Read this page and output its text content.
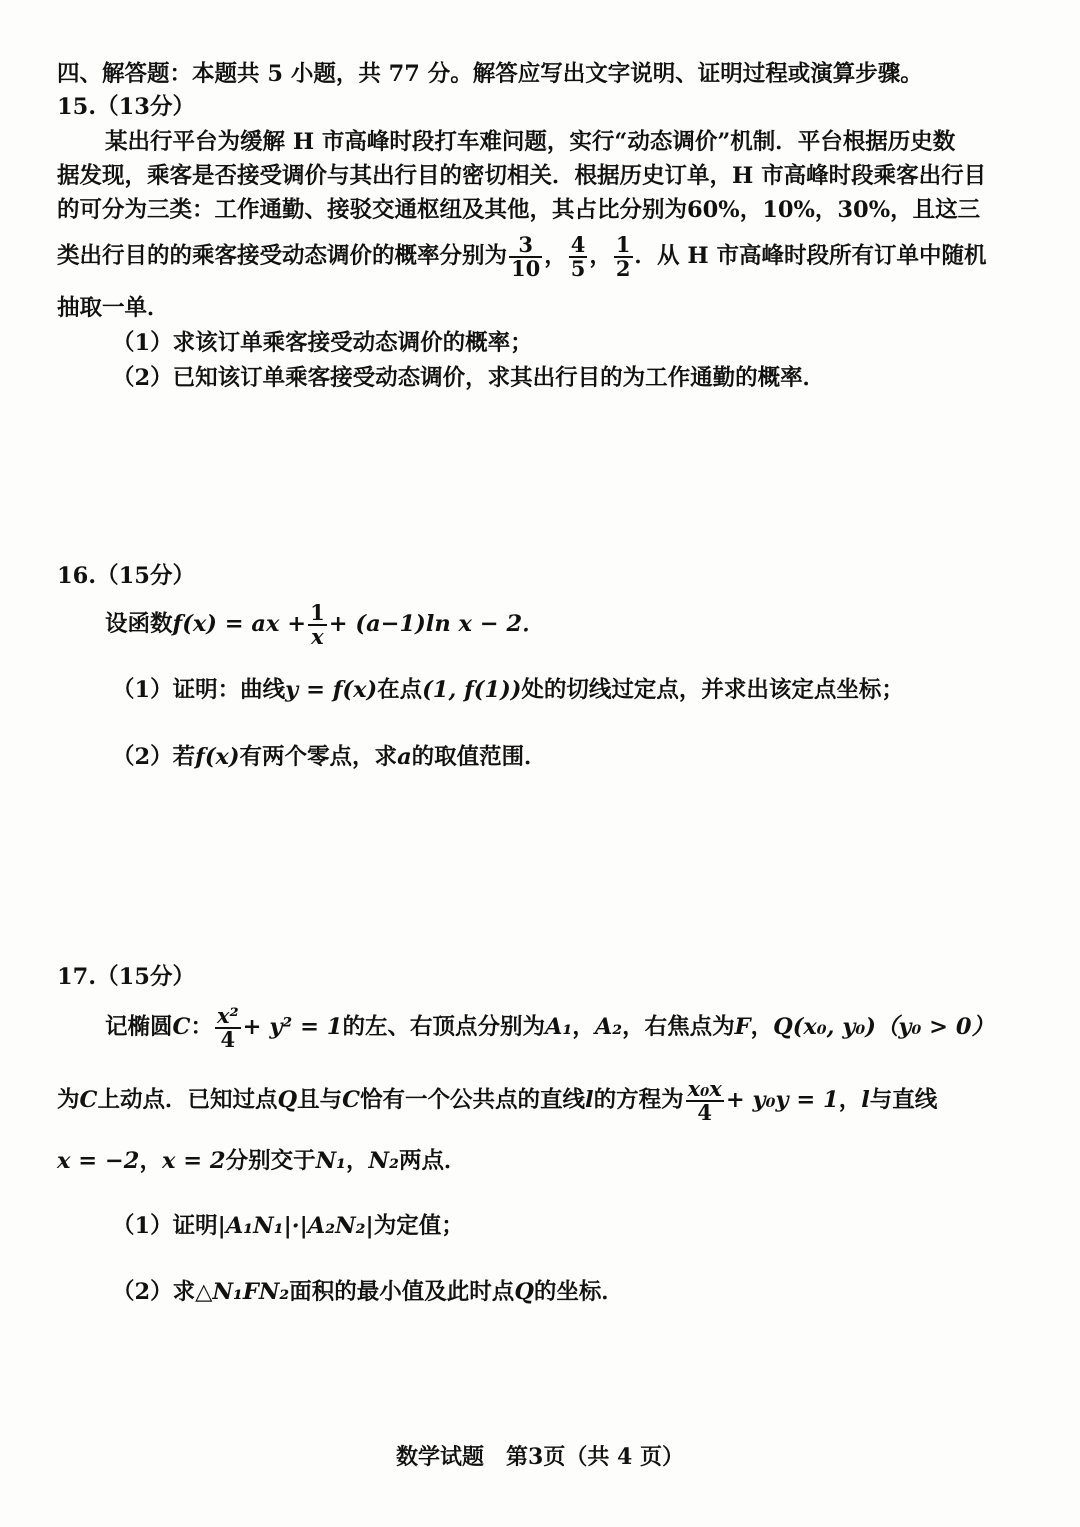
四、解答题：本题共 5 小题，共 77 分。解答应写出文字说明、证明过程或演算步骤。
15.（13分）
某出行平台为缓解 H 市高峰时段打车难问题，实行“动态调价”机制．平台根据历史数
据发现，乘客是否接受调价与其出行目的密切相关．根据历史订单，H 市高峰时段乘客出行目
的可分为三类：工作通勤、接驳交通枢纽及其他，其占比分别为60%，10%，30%，且这三
类出行目的的乘客接受动态调价的概率分别为 $\frac{3}{10}$ ， $\frac{4}{5}$ ， $\frac{1}{2}$ ．从 H 市高峰时段所有订单中随机
抽取一单．
（1）求该订单乘客接受动态调价的概率；
（2）已知该订单乘客接受动态调价，求其出行目的为工作通勤的概率．
16.（15分）
设函数f(x) = ax + $\frac{1}{x} + (a-1)\ln$ x − 2．
（1）证明：曲线y = f(x)在点(1, f(1))处的切线过定点，并求出该定点坐标；
（2）若f(x)有两个零点，求a的取值范围．
17.（15分）
记椭圆C： $\frac{\text{x²}}{4} + y^2 = 1$的左、右顶点分别为A₁，A₂，右焦点为F，Q(x₀, y₀)（y₀ > 0）
为C上动点．已知过点Q且与C恰有一个公共点的直线l的方程为 $\frac{\text{x₀x}}{4} + y_0y = 1$，l与直线
x = −2，x = 2分别交于N₁，N₂两点．
（1）证明|A₁N₁|·|A₂N₂|为定值；
（2）求△N₁FN₂面积的最小值及此时点Q的坐标．
数学试题　第3页（共 4 页）
